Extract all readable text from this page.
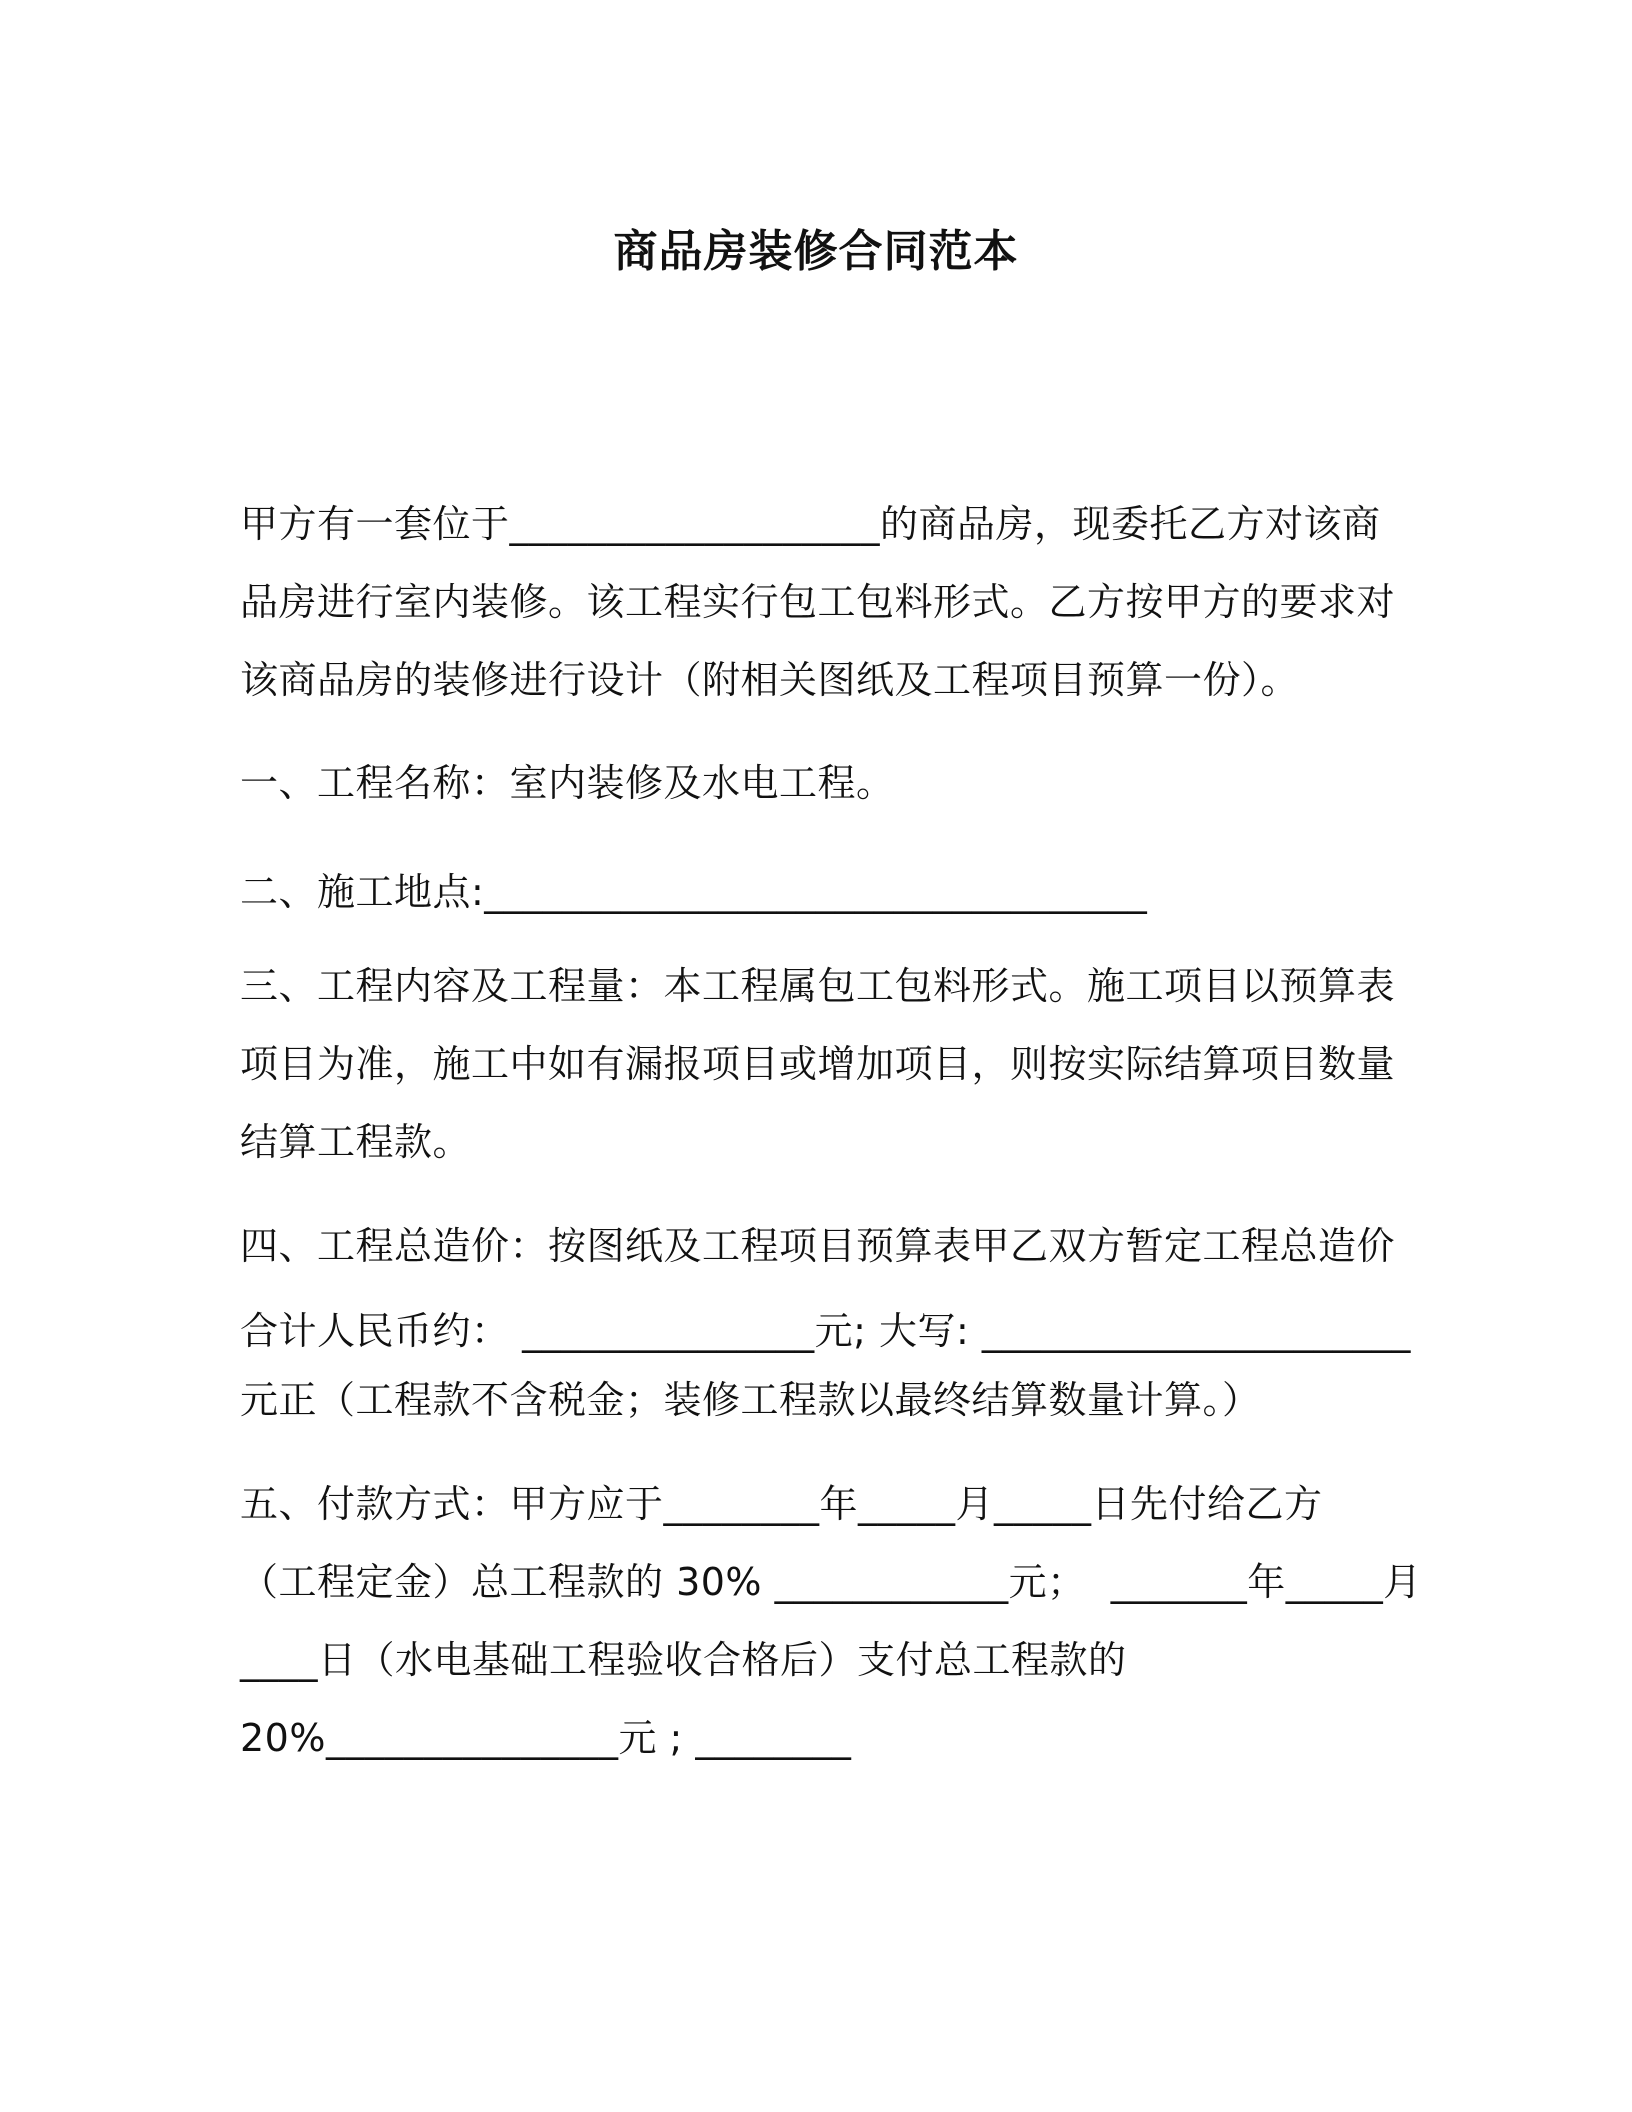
商品房装修合同范本
甲方有一套位于___________________的商品房，现委托乙方对该商
品房进行室内装修。该工程实行包工包料形式。乙方按甲方的要求对
该商品房的装修进行设计（附相关图纸及工程项目预算一份）。
一、工程名称：室内装修及水电工程。
二、施工地点:__________________________________
三、工程内容及工程量：本工程属包工包料形式。施工项目以预算表
项目为准，施工中如有漏报项目或增加项目，则按实际结算项目数量
结算工程款。
四、工程总造价：按图纸及工程项目预算表甲乙双方暂定工程总造价
合计人民币约： _______________元; 大写: ______________________
元正（工程款不含税金；装修工程款以最终结算数量计算。）
五、付款方式：甲方应于________年_____月_____日先付给乙方
（工程定金）总工程款的 30% ____________元；  _______年_____月
____日（水电基础工程验收合格后）支付总工程款的
20%_______________元 ; ________
